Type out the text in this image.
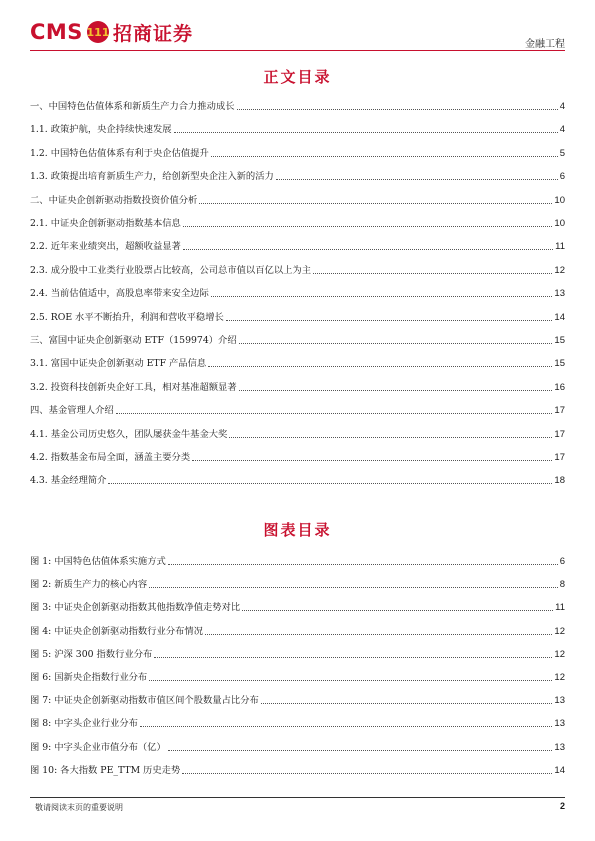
CMS 111 招商证券	金融工程
正文目录
一、中国特色估值体系和新质生产力合力推动成长	4
1.1. 政策护航，央企持续快速发展	4
1.2. 中国特色估值体系有利于央企估值提升	5
1.3. 政策提出培育新质生产力，给创新型央企注入新的活力	6
二、中证央企创新驱动指数投资价值分析	10
2.1. 中证央企创新驱动指数基本信息	10
2.2. 近年来业绩突出，超额收益显著	11
2.3. 成分股中工业类行业股票占比较高，公司总市值以百亿以上为主	12
2.4. 当前估值适中，高股息率带来安全边际	13
2.5. ROE 水平不断抬升，利润和营收平稳增长	14
三、富国中证央企创新驱动 ETF（159974）介绍	15
3.1. 富国中证央企创新驱动 ETF 产品信息	15
3.2. 投资科技创新央企好工具，相对基准超额显著	16
四、基金管理人介绍	17
4.1. 基金公司历史悠久，团队屡获金牛基金大奖	17
4.2. 指数基金布局全面，涵盖主要分类	17
4.3. 基金经理简介	18
图表目录
图 1: 中国特色估值体系实施方式	6
图 2: 新质生产力的核心内容	8
图 3: 中证央企创新驱动指数其他指数净值走势对比	11
图 4: 中证央企创新驱动指数行业分布情况	12
图 5: 沪深 300 指数行业分布	12
图 6: 国新央企指数行业分布	12
图 7: 中证央企创新驱动指数市值区间个股数量占比分布	13
图 8: 中字头企业行业分布	13
图 9: 中字头企业市值分布（亿）	13
图 10: 各大指数 PE_TTM 历史走势	14
敬请阅读末页的重要说明	2
